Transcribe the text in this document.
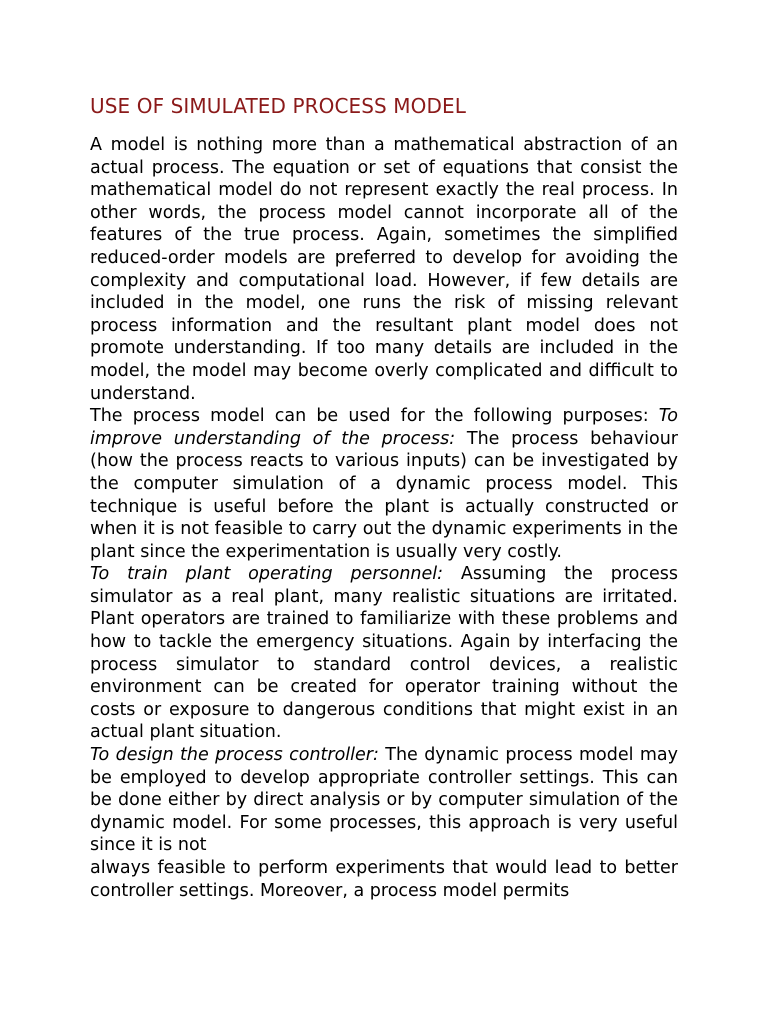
USE OF SIMULATED PROCESS MODEL

A model is nothing more than a mathematical abstraction of an actual process. The equation or set of equations that consist the mathematical model do not represent exactly the real process. In other words, the process model cannot incorporate all of the features of the true process. Again, sometimes the simplified reduced-order models are preferred to develop for avoiding the complexity and computational load. However, if few details are included in the model, one runs the risk of missing relevant process information and the resultant plant model does not promote understanding. If too many details are included in the model, the model may become overly complicated and difficult to understand.

The process model can be used for the following purposes: To improve understanding of the process: The process behaviour (how the process reacts to various inputs) can be investigated by the computer simulation of a dynamic process model. This technique is useful before the plant is actually constructed or when it is not feasible to carry out the dynamic experiments in the plant since the experimentation is usually very costly.

To train plant operating personnel: Assuming the process simulator as a real plant, many realistic situations are irritated. Plant operators are trained to familiarize with these problems and how to tackle the emergency situations. Again by interfacing the process simulator to standard control devices, a realistic environment can be created for operator training without the costs or exposure to dangerous conditions that might exist in an actual plant situation.

To design the process controller: The dynamic process model may be employed to develop appropriate controller settings. This can be done either by direct analysis or by computer simulation of the dynamic model. For some processes, this approach is very useful since it is not

always feasible to perform experiments that would lead to better controller settings. Moreover, a process model permits
